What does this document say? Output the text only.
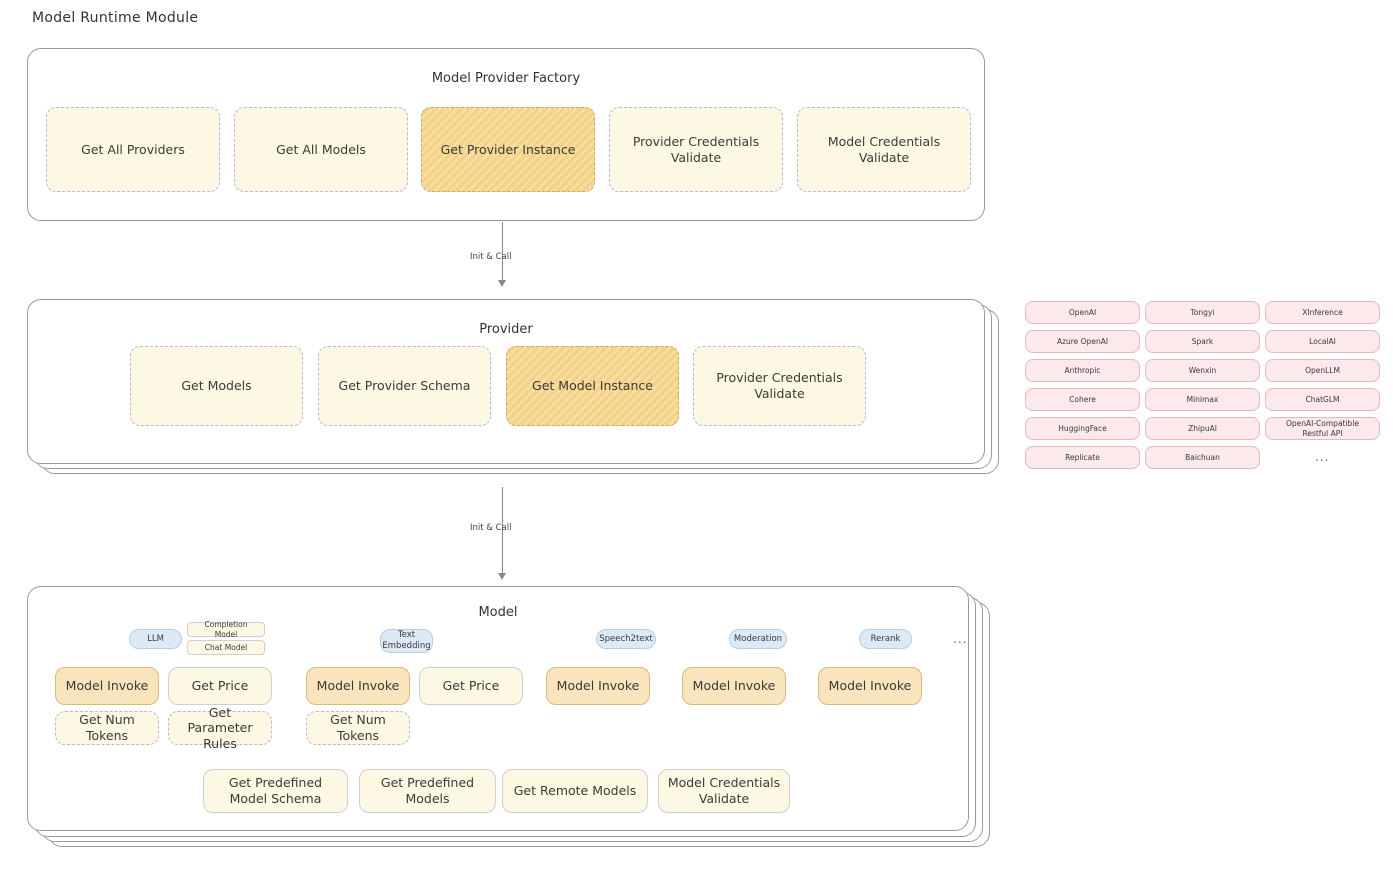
Model Runtime Module
Model Provider Factory
Get All Providers	Get All Models	Get Provider Instance
Provider Credentials Validate
Model Credentials Validate
Init & Call
Provider
Get Models	Get Provider Schema	Get Model Instance
Provider Credentials Validate
OpenAI
Azure OpenAI
Anthropic
Cohere
HuggingFace
Replicate
Tongyi
Spark
Wenxin
Minimax
ZhipuAI
Baichuan
XInference
LocalAI
OpenLLM
ChatGLM
OpenAI-Compatible Restful API
...
Init & Call
Model
LLM
Completion Model
Chat Model
Text Embedding
Speech2text	Moderation	Rerank	...
Model Invoke	Get Price
Get Num Tokens
Get Parameter Rules
Model Invoke	Get Price
Get Num Tokens
Model Invoke	Model Invoke	Model Invoke
Get Predefined Model Schema
Get Predefined Models
Get Remote Models
Model Credentials Validate
